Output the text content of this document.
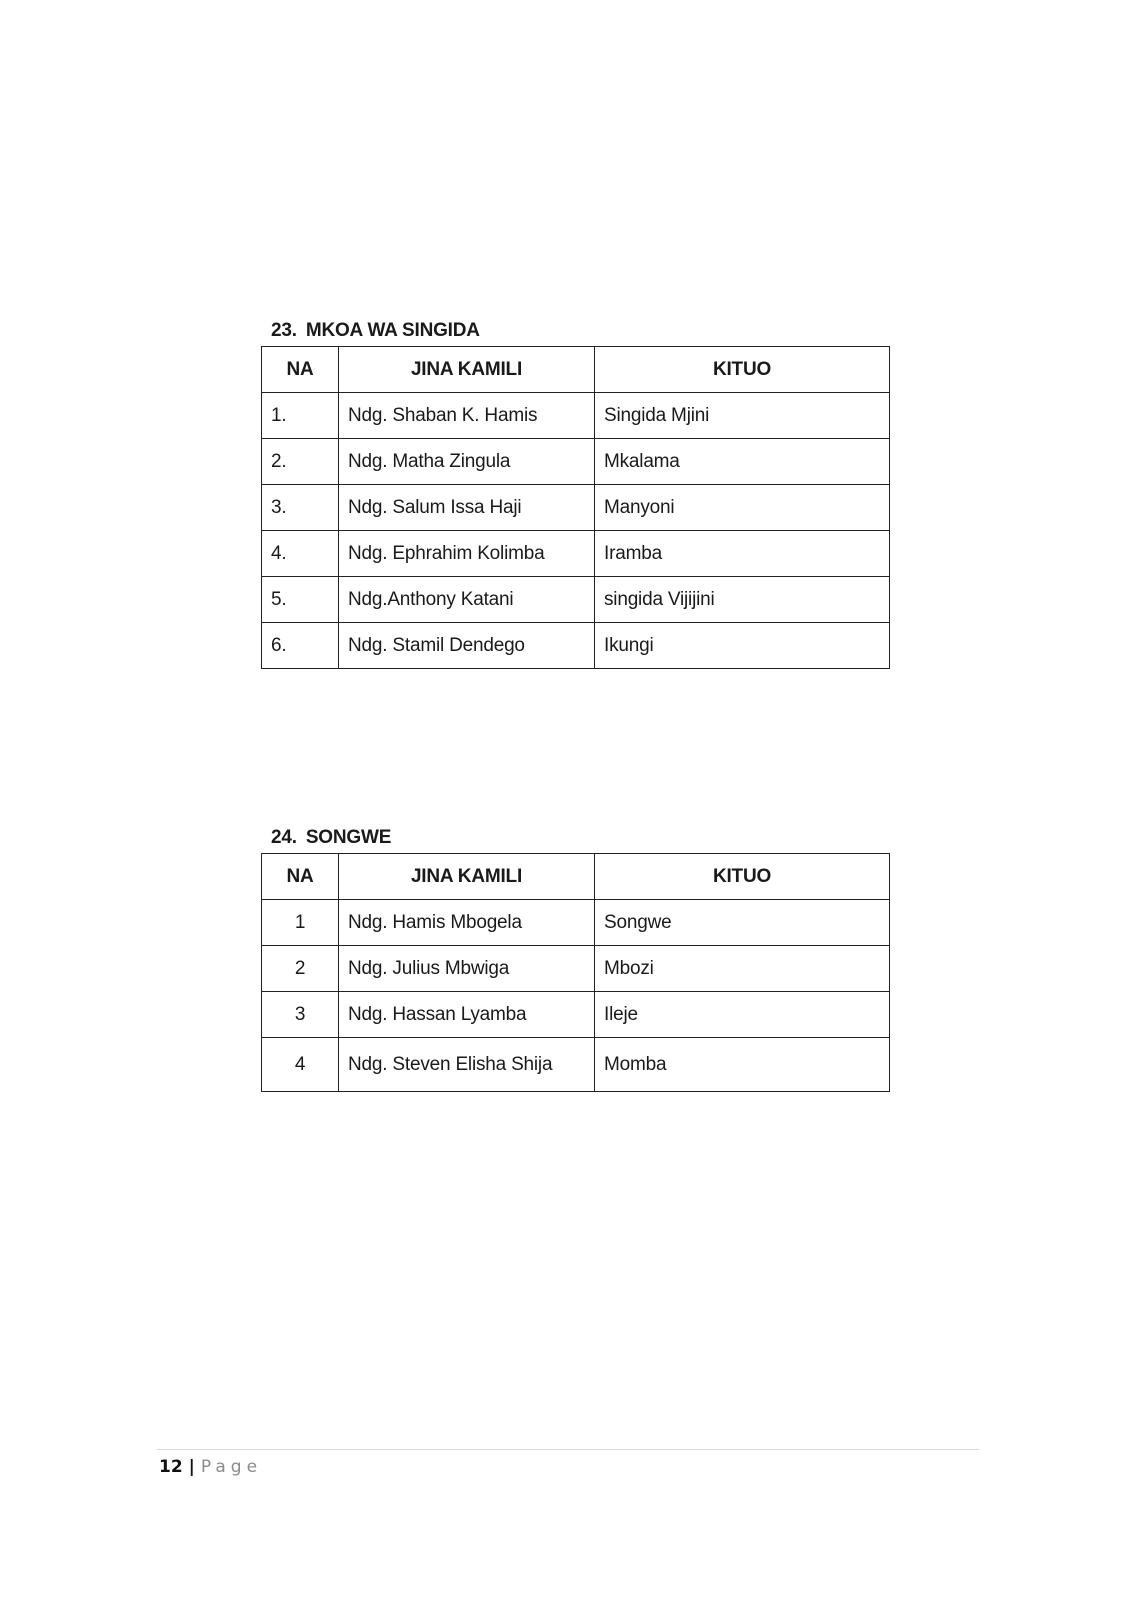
23. MKOA WA SINGIDA
NA	JINA KAMILI	KITUO
1.	Ndg. Shaban K. Hamis	Singida Mjini
2.	Ndg. Matha Zingula	Mkalama
3.	Ndg. Salum Issa Haji	Manyoni
4.	Ndg. Ephrahim Kolimba	Iramba
5.	Ndg.Anthony Katani	singida Vijijini
6.	Ndg. Stamil Dendego	Ikungi
24. SONGWE
NA	JINA KAMILI	KITUO
1	Ndg. Hamis Mbogela	Songwe
2	Ndg. Julius Mbwiga	Mbozi
3	Ndg. Hassan Lyamba	Ileje
4	Ndg. Steven Elisha Shija	Momba
12 | Page
